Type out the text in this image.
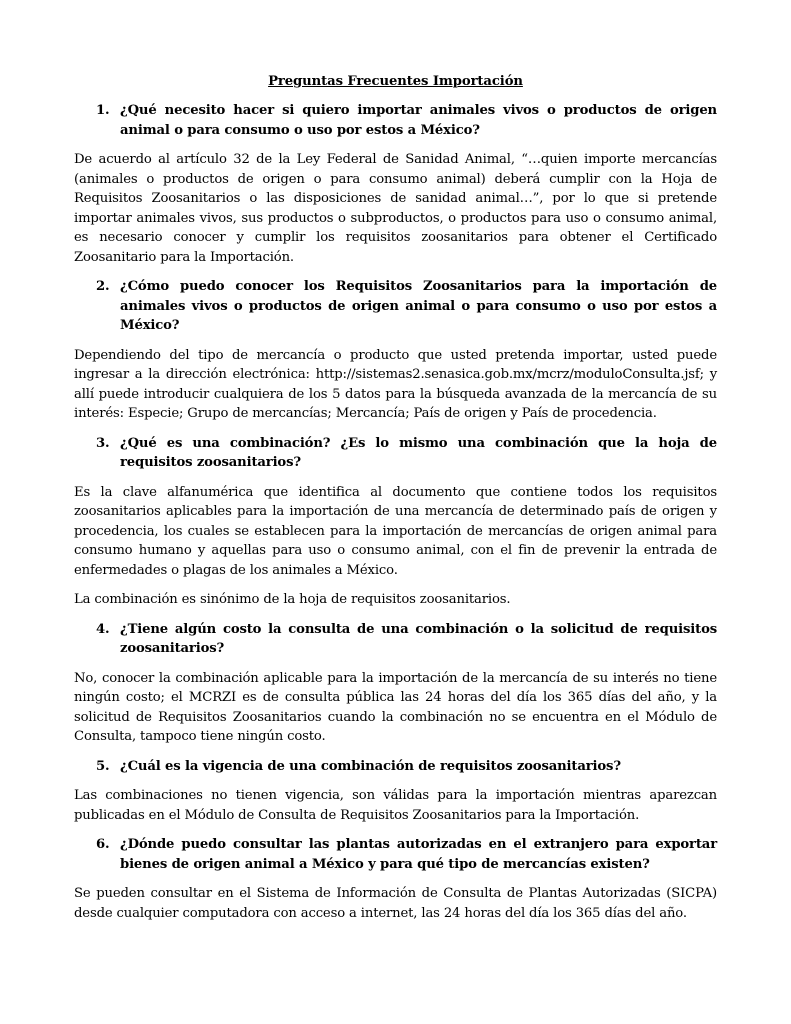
Preguntas Frecuentes Importación
1. ¿Qué necesito hacer si quiero importar animales vivos o productos de origen animal o para consumo o uso por estos a México?
De acuerdo al artículo 32 de la Ley Federal de Sanidad Animal, “…quien importe mercancías (animales o productos de origen o para consumo animal) deberá cumplir con la Hoja de Requisitos Zoosanitarios o las disposiciones de sanidad animal…”, por lo que si pretende importar animales vivos, sus productos o subproductos, o productos para uso o consumo animal, es necesario conocer y cumplir los requisitos zoosanitarios para obtener el Certificado Zoosanitario para la Importación.
2. ¿Cómo puedo conocer los Requisitos Zoosanitarios para la importación de animales vivos o productos de origen animal o para consumo o uso por estos a México?
Dependiendo del tipo de mercancía o producto que usted pretenda importar, usted puede ingresar a la dirección electrónica: http://sistemas2.senasica.gob.mx/mcrz/moduloConsulta.jsf; y allí puede introducir cualquiera de los 5 datos para la búsqueda avanzada de la mercancía de su interés: Especie; Grupo de mercancías; Mercancía; País de origen y País de procedencia.
3. ¿Qué es una combinación? ¿Es lo mismo una combinación que la hoja de requisitos zoosanitarios?
Es la clave alfanumérica que identifica al documento que contiene todos los requisitos zoosanitarios aplicables para la importación de una mercancía de determinado país de origen y procedencia, los cuales se establecen para la importación de mercancías de origen animal para consumo humano y aquellas para uso o consumo animal, con el fin de prevenir la entrada de enfermedades o plagas de los animales a México.
La combinación es sinónimo de la hoja de requisitos zoosanitarios.
4. ¿Tiene algún costo la consulta de una combinación o la solicitud de requisitos zoosanitarios?
No, conocer la combinación aplicable para la importación de la mercancía de su interés no tiene ningún costo; el MCRZI es de consulta pública las 24 horas del día los 365 días del año, y la solicitud de Requisitos Zoosanitarios cuando la combinación no se encuentra en el Módulo de Consulta, tampoco tiene ningún costo.
5. ¿Cuál es la vigencia de una combinación de requisitos zoosanitarios?
Las combinaciones no tienen vigencia, son válidas para la importación mientras aparezcan publicadas en el Módulo de Consulta de Requisitos Zoosanitarios para la Importación.
6. ¿Dónde puedo consultar las plantas autorizadas en el extranjero para exportar bienes de origen animal a México y para qué tipo de mercancías existen?
Se pueden consultar en el Sistema de Información de Consulta de Plantas Autorizadas (SICPA) desde cualquier computadora con acceso a internet, las 24 horas del día los 365 días del año.
